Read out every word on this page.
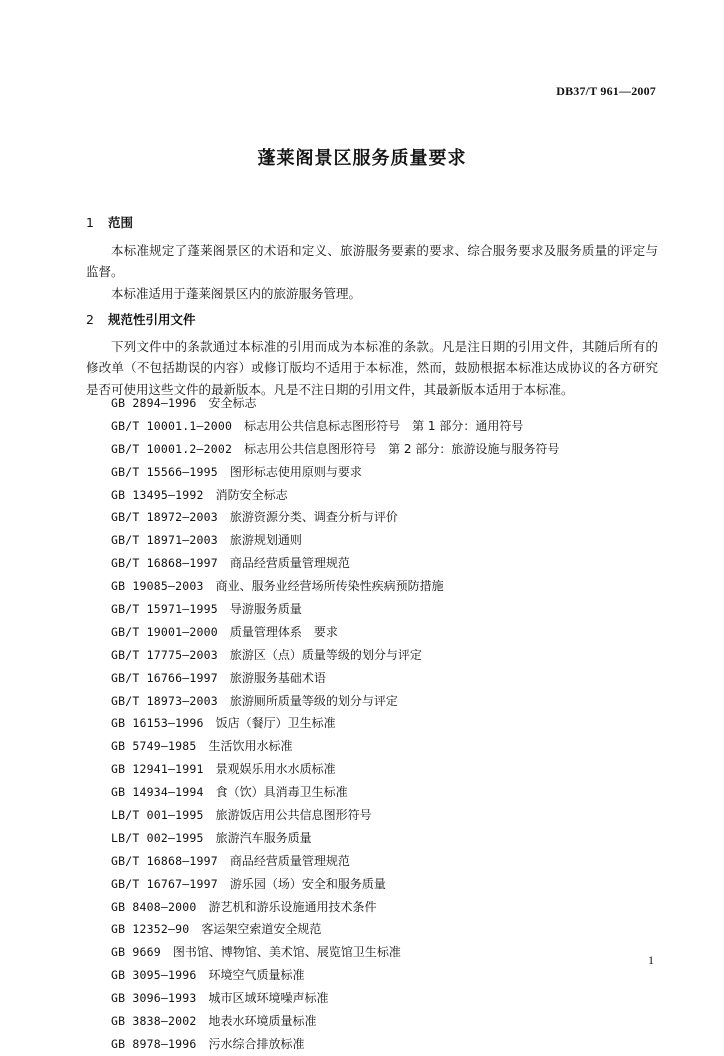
DB37/T 961—2007
蓬莱阁景区服务质量要求
1 范围

本标准规定了蓬莱阁景区的术语和定义、旅游服务要素的要求、综合服务要求及服务质量的评定与监督。

本标准适用于蓬莱阁景区内的旅游服务管理。

2 规范性引用文件

下列文件中的条款通过本标准的引用而成为本标准的条款。凡是注日期的引用文件，其随后所有的修改单（不包括勘误的内容）或修订版均不适用于本标准，然而，鼓励根据本标准达成协议的各方研究是否可使用这些文件的最新版本。凡是不注日期的引用文件，其最新版本适用于本标准。

GB 2894—1996 安全标志
GB/T 10001.1—2000 标志用公共信息标志图形符号　第 1 部分：通用符号
GB/T 10001.2—2002 标志用公共信息图形符号　第 2 部分：旅游设施与服务符号
GB/T 15566—1995 图形标志使用原则与要求
GB 13495—1992 消防安全标志
GB/T 18972—2003 旅游资源分类、调查分析与评价
GB/T 18971—2003 旅游规划通则
GB/T 16868—1997 商品经营质量管理规范
GB 19085—2003 商业、服务业经营场所传染性疾病预防措施
GB/T 15971—1995 导游服务质量
GB/T 19001—2000 质量管理体系　要求
GB/T 17775—2003 旅游区（点）质量等级的划分与评定
GB/T 16766—1997 旅游服务基础术语
GB/T 18973—2003 旅游厕所质量等级的划分与评定
GB 16153—1996 饭店（餐厅）卫生标准
GB 5749—1985 生活饮用水标准
GB 12941—1991 景观娱乐用水水质标准
GB 14934—1994 食（饮）具消毒卫生标准
LB/T 001—1995 旅游饭店用公共信息图形符号
LB/T 002—1995 旅游汽车服务质量
GB/T 16868—1997 商品经营质量管理规范
GB/T 16767—1997 游乐园（场）安全和服务质量
GB 8408—2000 游艺机和游乐设施通用技术条件
GB 12352—90 客运架空索道安全规范
GB 9669 图书馆、博物馆、美术馆、展览馆卫生标准
GB 3095—1996 环境空气质量标准
GB 3096—1993 城市区域环境噪声标准
GB 3838—2002 地表水环境质量标准
GB 8978—1996 污水综合排放标准
1
